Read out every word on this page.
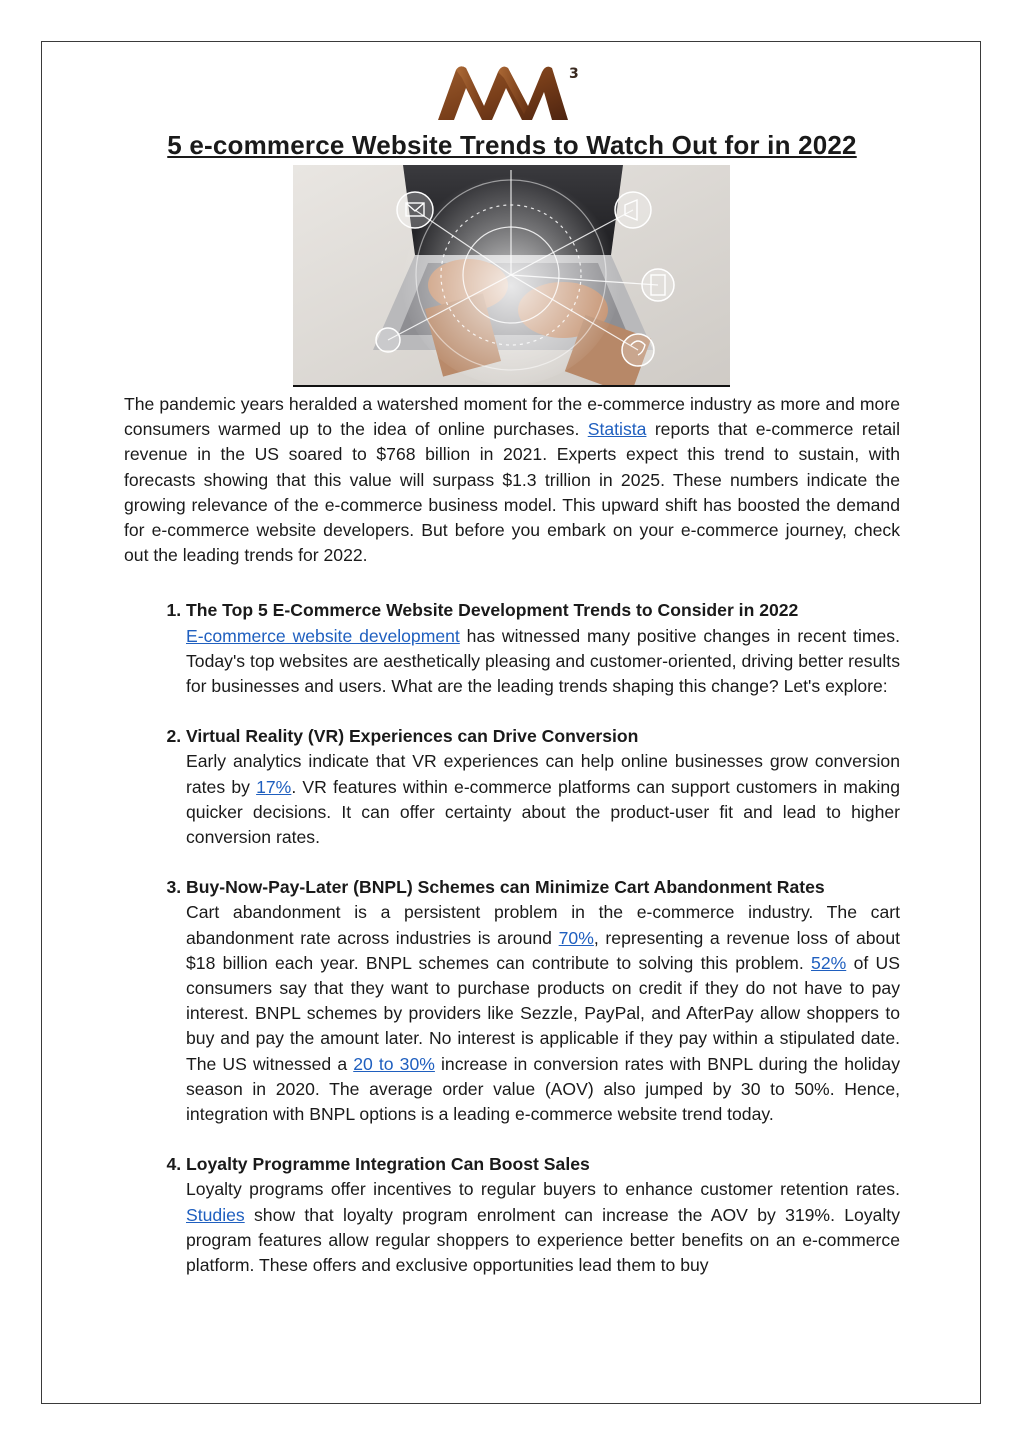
3
5 e-commerce Website Trends to Watch Out for in 2022

The pandemic years heralded a watershed moment for the e-commerce industry as more and more consumers warmed up to the idea of online purchases. Statista reports that e-commerce retail revenue in the US soared to $768 billion in 2021. Experts expect this trend to sustain, with forecasts showing that this value will surpass $1.3 trillion in 2025. These numbers indicate the growing relevance of the e-commerce business model. This upward shift has boosted the demand for e-commerce website developers. But before you embark on your e-commerce journey, check out the leading trends for 2022.

1. The Top 5 E-Commerce Website Development Trends to Consider in 2022
E-commerce website development has witnessed many positive changes in recent times. Today's top websites are aesthetically pleasing and customer-oriented, driving better results for businesses and users. What are the leading trends shaping this change? Let's explore:
2. Virtual Reality (VR) Experiences can Drive Conversion
Early analytics indicate that VR experiences can help online businesses grow conversion rates by 17%. VR features within e-commerce platforms can support customers in making quicker decisions. It can offer certainty about the product-user fit and lead to higher conversion rates.
3. Buy-Now-Pay-Later (BNPL) Schemes can Minimize Cart Abandonment Rates
Cart abandonment is a persistent problem in the e-commerce industry. The cart abandonment rate across industries is around 70%, representing a revenue loss of about $18 billion each year. BNPL schemes can contribute to solving this problem. 52% of US consumers say that they want to purchase products on credit if they do not have to pay interest. BNPL schemes by providers like Sezzle, PayPal, and AfterPay allow shoppers to buy and pay the amount later. No interest is applicable if they pay within a stipulated date. The US witnessed a 20 to 30% increase in conversion rates with BNPL during the holiday season in 2020. The average order value (AOV) also jumped by 30 to 50%. Hence, integration with BNPL options is a leading e-commerce website trend today.
4. Loyalty Programme Integration Can Boost Sales
Loyalty programs offer incentives to regular buyers to enhance customer retention rates. Studies show that loyalty program enrolment can increase the AOV by 319%. Loyalty program features allow regular shoppers to experience better benefits on an e-commerce platform. These offers and exclusive opportunities lead them to buy
